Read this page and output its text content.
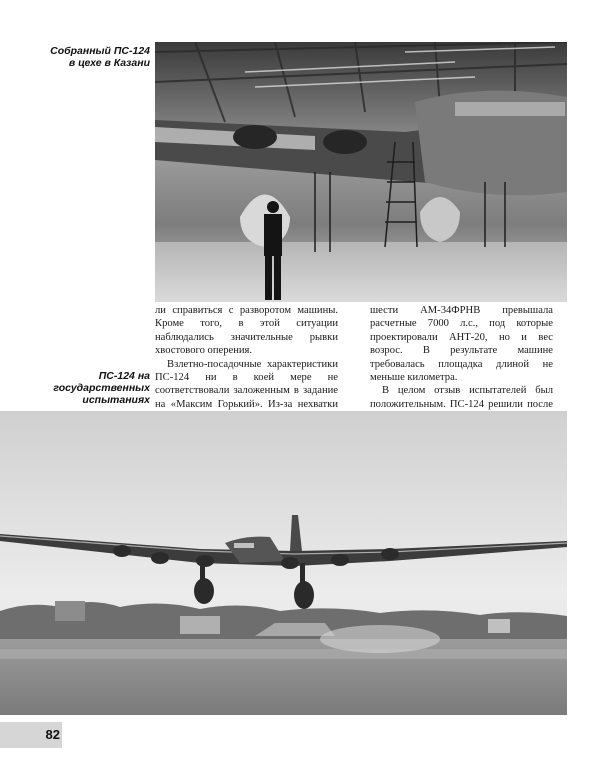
Собранный ПС-124
в цехе в Казани
ПС-124 на
государственных
испытаниях

ли справиться с разворотом машины. Кроме того, в этой ситуации наблюдались значительные рывки хвостового оперения.

Взлетно-посадочные характеристики ПС-124 ни в коей мере не соответствовали заложенным в задание на «Максим Горький». Из-за нехватки

шести АМ-34ФРНВ превышала расчетные 7000 л.с., под которые проектировали АНТ-20, но и вес возрос. В результате машине требовалась площадка длиной не меньше километра.

В целом отзыв испытателей был положительным. ПС-124 решили после

82
